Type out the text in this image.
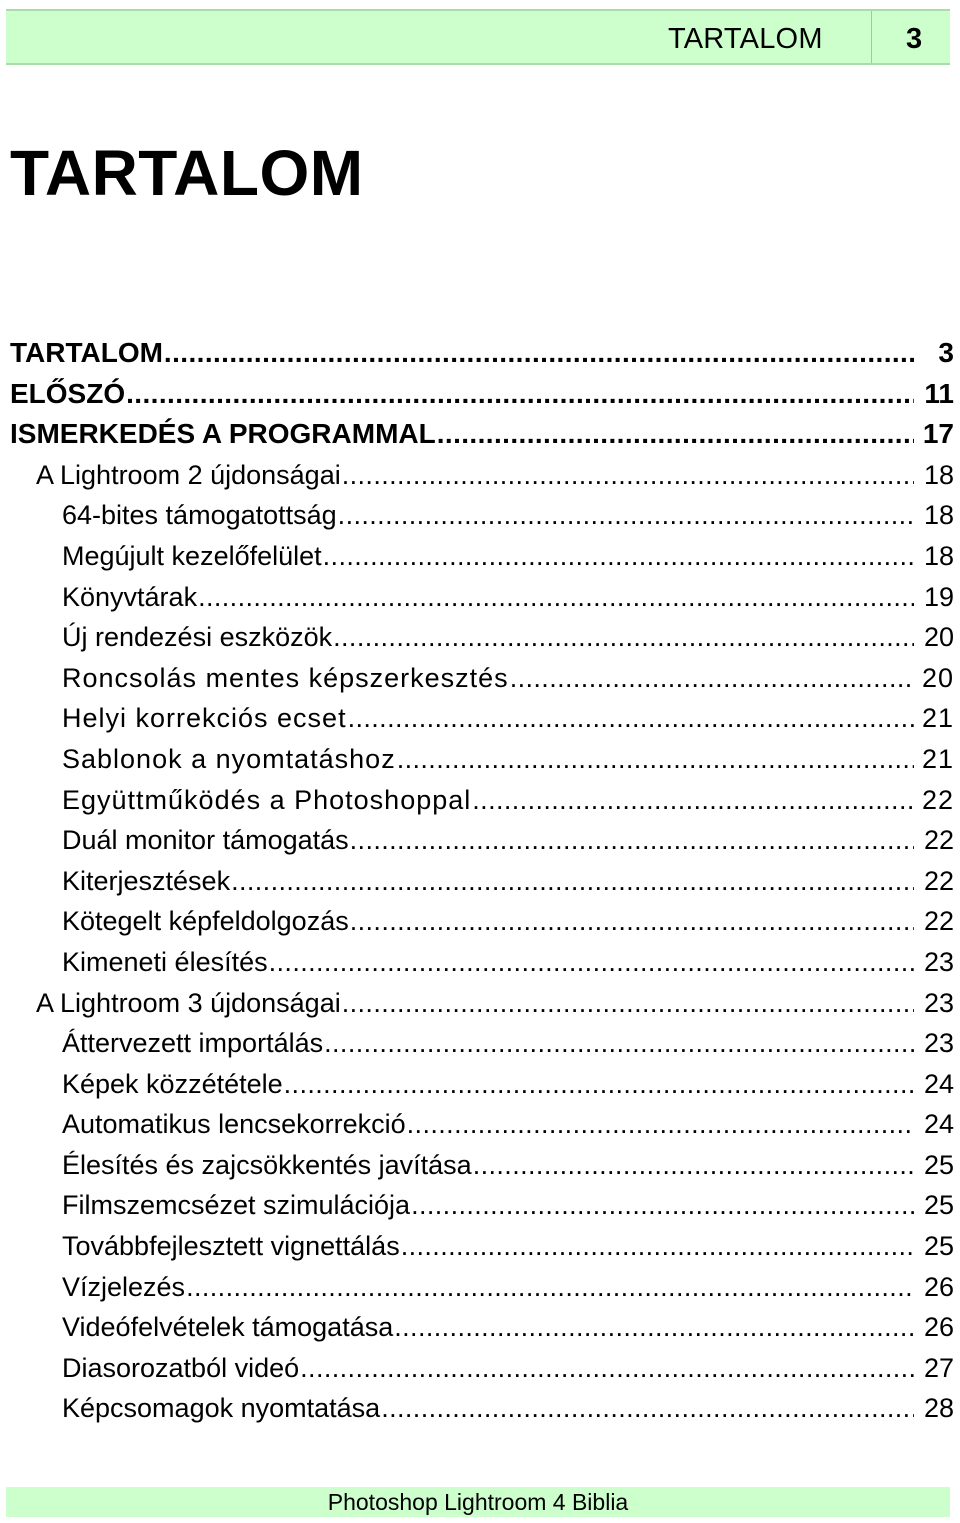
TARTALOM	3
TARTALOM
TARTALOM .....	3
ELŐSZÓ .....	11
ISMERKEDÉS A PROGRAMMAL .....	17
A Lightroom 2 újdonságai .....	18
64-bites támogatottság .....	18
Megújult kezelőfelület .....	18
Könyvtárak .....	19
Új rendezési eszközök .....	20
Roncsolás mentes képszerkesztés .....	20
Helyi korrekciós ecset .....	21
Sablonok a nyomtatáshoz .....	21
Együttműködés a Photoshoppal .....	22
Duál monitor támogatás .....	22
Kiterjesztések .....	22
Kötegelt képfeldolgozás .....	22
Kimeneti élesítés .....	23
A Lightroom 3 újdonságai .....	23
Áttervezett importálás .....	23
Képek közzététele .....	24
Automatikus lencsekorrekció .....	24
Élesítés és zajcsökkentés javítása .....	25
Filmszemcsézet szimulációja .....	25
Továbbfejlesztett vignettálás .....	25
Vízjelezés .....	26
Videófelvételek támogatása .....	26
Diasorozatból videó .....	27
Képcsomagok nyomtatása .....	28
Photoshop Lightroom 4 Biblia
